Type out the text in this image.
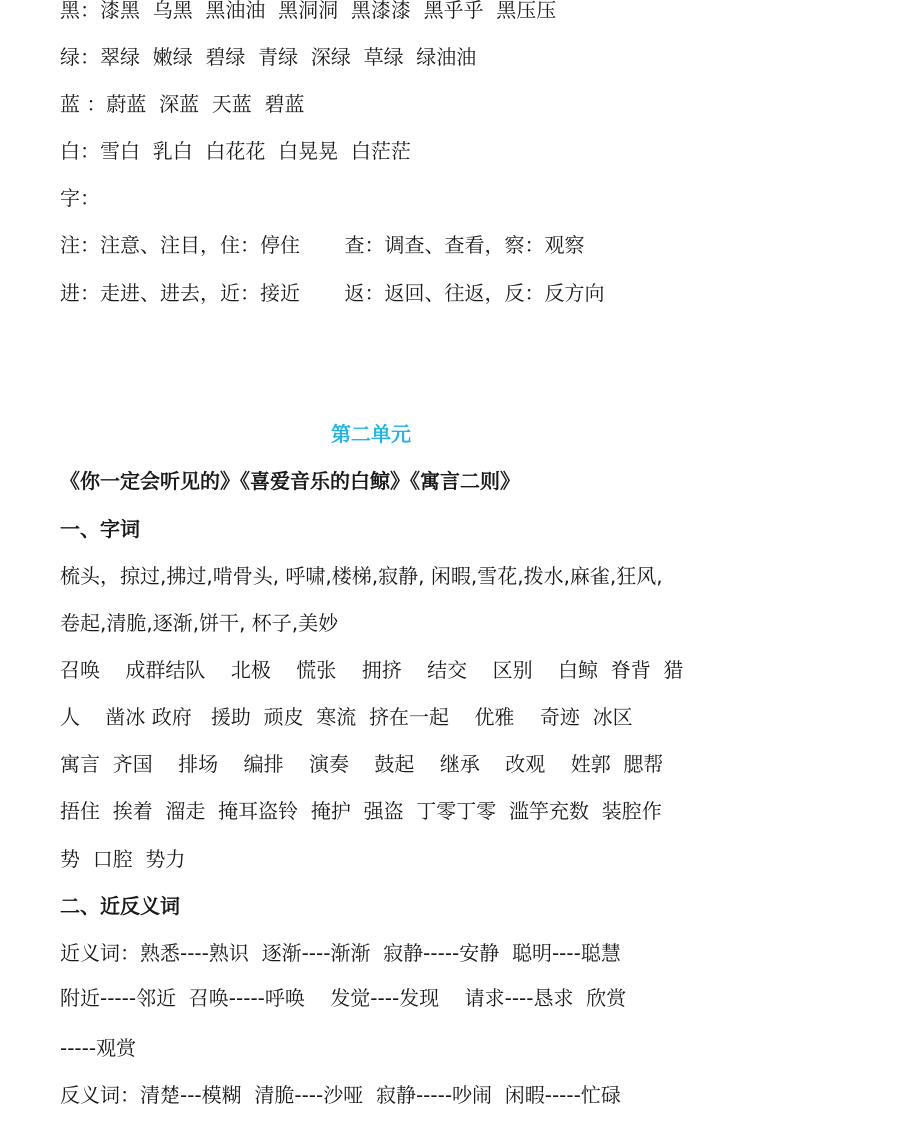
黑：漆黑  乌黑  黑油油  黑洞洞  黑漆漆  黑乎乎  黑压压
绿：翠绿  嫩绿  碧绿  青绿  深绿  草绿  绿油油
蓝 ：蔚蓝  深蓝  天蓝  碧蓝
白：雪白  乳白  白花花  白晃晃  白茫茫
字：
注：注意、注目，住：停住       查：调查、查看，察：观察
进：走进、进去，近：接近       返：返回、往返，反：反方向
第二单元
《你一定会听见的》《喜爱音乐的白鲸》《寓言二则》
一、字词
梳头，掠过,拂过,啃骨头, 呼啸,楼梯,寂静, 闲暇,雪花,拨水,麻雀,狂风,
卷起,清脆,逐渐,饼干, 杯子,美妙
召唤    成群结队    北极    慌张    拥挤    结交    区别    白鲸  脊背  猎
人    凿冰 政府   援助  顽皮  寒流  挤在一起    优雅    奇迹  冰区
寓言  齐国    排场    编排    演奏    鼓起    继承    改观    姓郭  腮帮
捂住  挨着  溜走  掩耳盗铃  掩护  强盗  丁零丁零  滥竽充数  装腔作
势  口腔  势力
二、近反义词
近义词：熟悉----熟识  逐渐----渐渐  寂静-----安静  聪明----聪慧
附近-----邻近  召唤-----呼唤    发觉----发现    请求----恳求  欣赏
-----观赏
反义词：清楚---模糊  清脆----沙哑  寂静-----吵闹  闲暇-----忙碌
